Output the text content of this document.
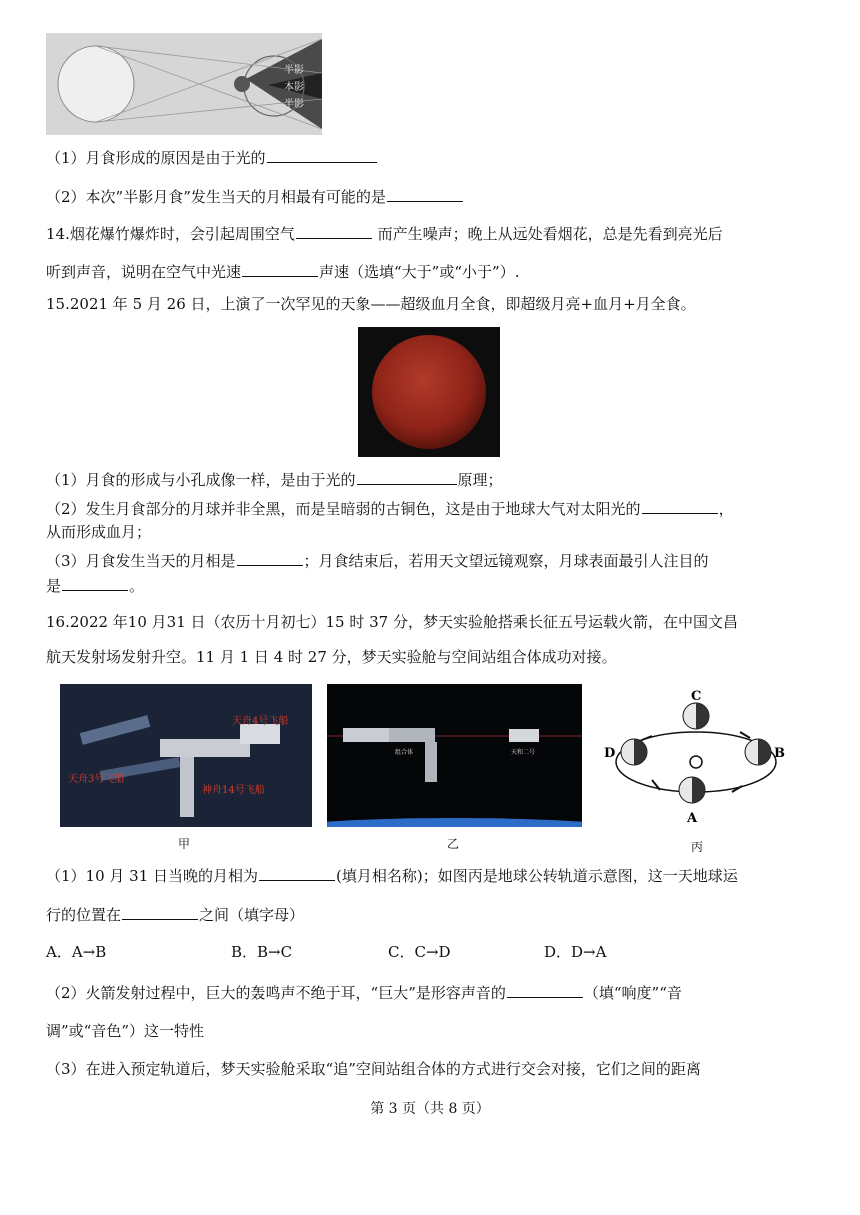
半影
本影
半影
（1）月食形成的原因是由于光的
（2）本次”半影月食”发生当天的月相最有可能的是
14.烟花爆竹爆炸时，会引起周围空气	而产生噪声；晚上从远处看烟花，总是先看到亮光后
听到声音，说明在空气中光速	声速（选填“大于”或“小于”）.
15.2021 年 5 月 26 日，上演了一次罕见的天象——超级血月全食，即超级月亮+血月+月全食。
（1）月食的形成与小孔成像一样，是由于光的	原理；
（2）发生月食部分的月球并非全黑，而是呈暗弱的古铜色，这是由于地球大气对太阳光的	，
从而形成血月；
（3）月食发生当天的月相是	；月食结束后，若用天文望远镜观察，月球表面最引人注目的
是	。
16.2022 年10 月31 日（农历十月初七）15 时 37 分，梦天实验舱搭乘长征五号运载火箭，在中国文昌
航天发射场发射升空。11 月 1 日 4 时 27 分，梦天实验舱与空间站组合体成功对接。
天舟4号飞船
天舟3号飞船
神舟14号飞船
甲
组合体	天和二号
乙
C
D	B
A
丙
（1）10 月 31 日当晚的月相为	(填月相名称)；如图丙是地球公转轨道示意图，这一天地球运
行的位置在	之间（填字母）
A．A→B	B．B→C	C．C→D	D．D→A
（2）火箭发射过程中，巨大的轰鸣声不绝于耳，“巨大”是形容声音的	（填“响度”“音
调”或“音色”）这一特性
（3）在进入预定轨道后，梦天实验舱采取“追”空间站组合体的方式进行交会对接，它们之间的距离
第 3 页（共 8 页）
